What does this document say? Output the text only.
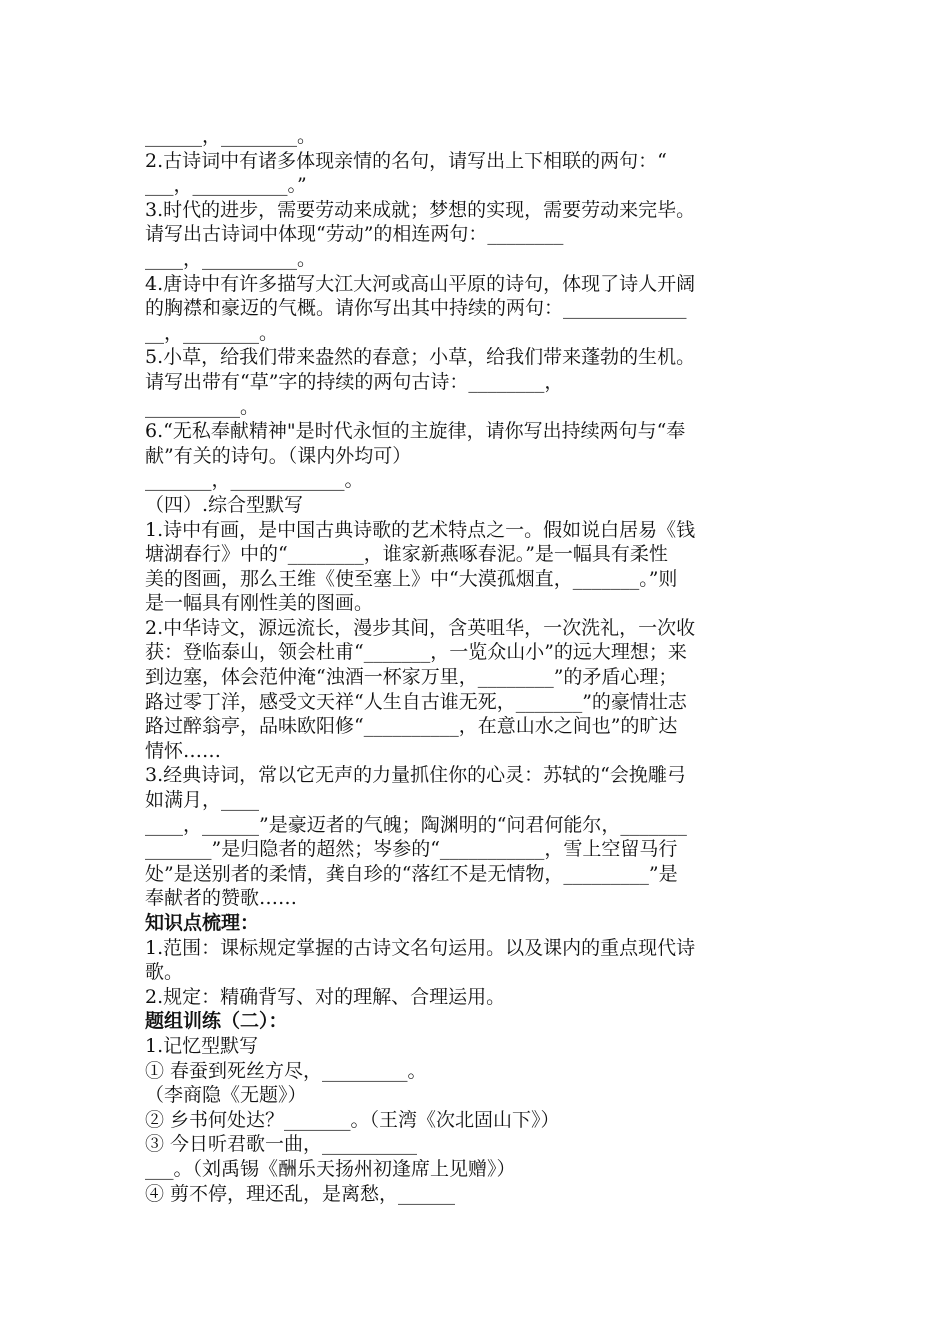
______，________。
2.古诗词中有诸多体现亲情的名句，请写出上下相联的两句：“
___，__________。”
3.时代的进步，需要劳动来成就；梦想的实现，需要劳动来完毕。
请写出古诗词中体现“劳动”的相连两句：________
____，__________。
4.唐诗中有许多描写大江大河或高山平原的诗句，体现了诗人开阔
的胸襟和豪迈的气概。请你写出其中持续的两句：_____________
__，________。
5.小草，给我们带来盎然的春意；小草，给我们带来蓬勃的生机。
请写出带有“草”字的持续的两句古诗：________，
__________。
6.“无私奉献精神"是时代永恒的主旋律，请你写出持续两句与“奉
献”有关的诗句。（课内外均可）
_______，____________。
（四）.综合型默写
1.诗中有画，是中国古典诗歌的艺术特点之一。假如说白居易《钱
塘湖春行》中的“________，谁家新燕啄春泥。”是一幅具有柔性
美的图画，那么王维《使至塞上》中“大漠孤烟直，_______。”则
是一幅具有刚性美的图画。
2.中华诗文，源远流长，漫步其间，含英咀华，一次洗礼，一次收
获：登临泰山，领会杜甫“_______，一览众山小”的远大理想；来
到边塞，体会范仲淹“浊酒一杯家万里，________”的矛盾心理；
路过零丁洋，感受文天祥“人生自古谁无死，_______”的豪情壮志
路过醉翁亭，品味欧阳修“__________，在意山水之间也”的旷达
情怀……
3.经典诗词，常以它无声的力量抓住你的心灵：苏轼的“会挽雕弓
如满月，____
____，______”是豪迈者的气魄；陶渊明的“问君何能尔，_______
_______”是归隐者的超然；岑参的“___________，雪上空留马行
处”是送别者的柔情，龚自珍的“落红不是无情物，_________”是
奉献者的赞歌……
知识点梳理：
1.范围：课标规定掌握的古诗文名句运用。以及课内的重点现代诗
歌。
2.规定：精确背写、对的理解、合理运用。
题组训练（二）：
1.记忆型默写
① 春蚕到死丝方尽，_________。
（李商隐《无题》）
② 乡书何处达？_______。（王湾《次北固山下》）
③ 今日听君歌一曲，__________
___。（刘禹锡《酬乐天扬州初逢席上见赠》）
④ 剪不停，理还乱，是离愁，______
